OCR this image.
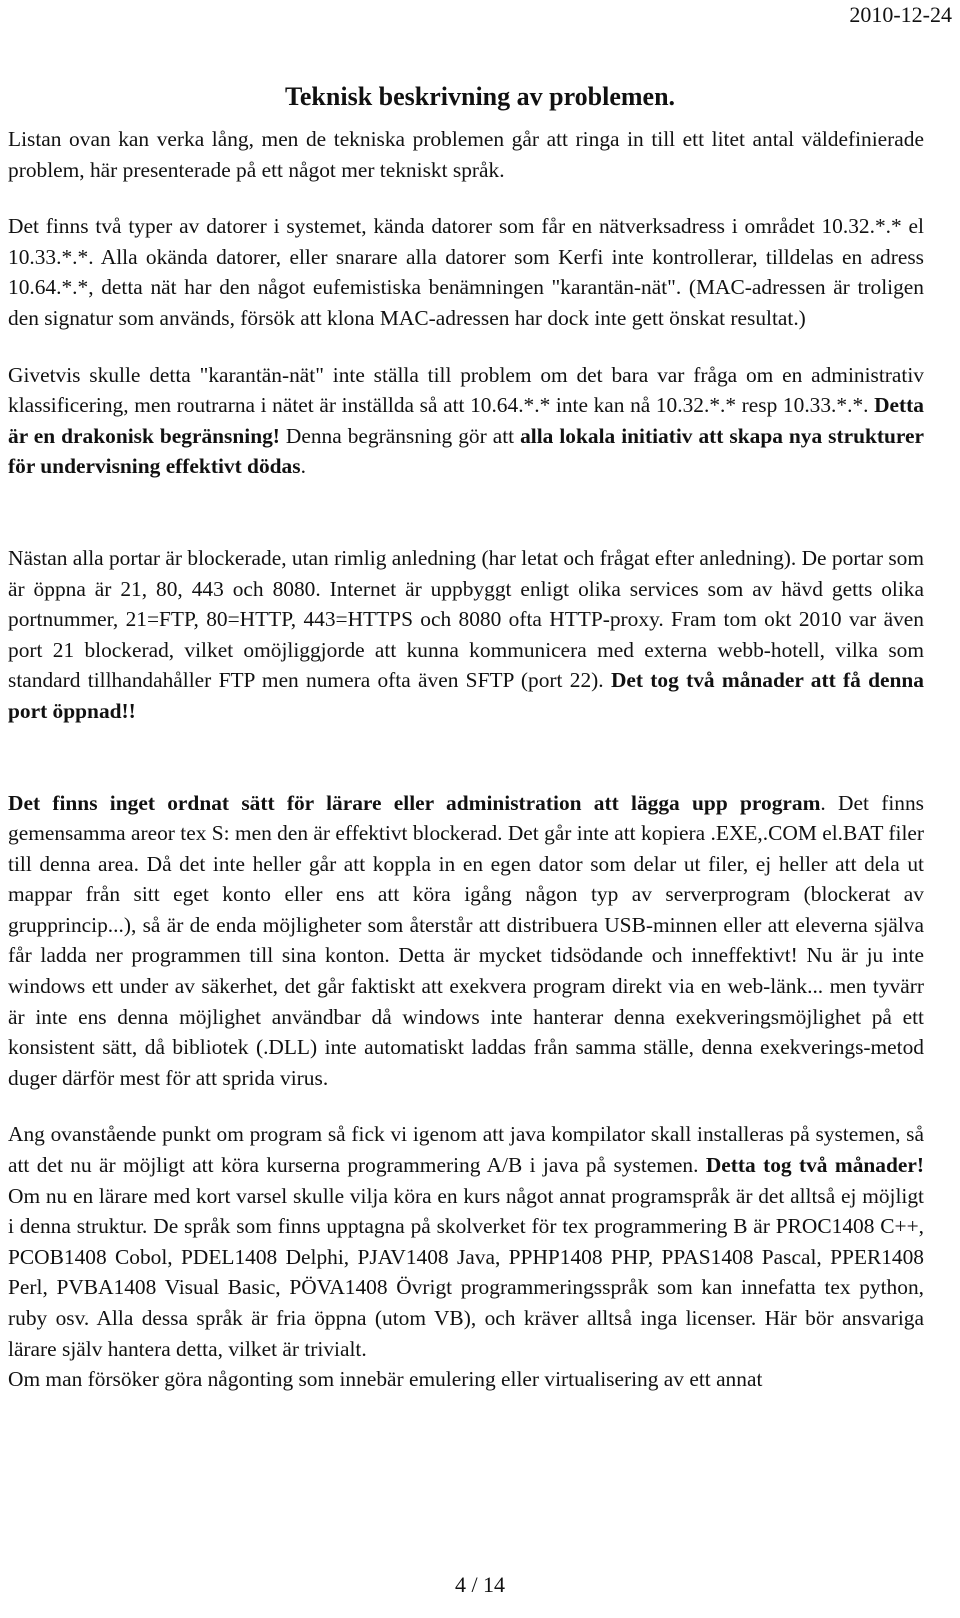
2010-12-24
Teknisk beskrivning av problemen.

Listan ovan kan verka lång, men de tekniska problemen går att ringa in till ett litet antal väldefinierade problem, här presenterade på ett något mer tekniskt språk.

Det finns två typer av datorer i systemet, kända datorer som får en nätverksadress i området 10.32.*.* el 10.33.*.*. Alla okända datorer, eller snarare alla datorer som Kerfi inte kontrollerar, tilldelas en adress 10.64.*.*, detta nät har den något eufemistiska benämningen "karantän-nät". (MAC-adressen är troligen den signatur som används, försök att klona MAC-adressen har dock inte gett önskat resultat.)

Givetvis skulle detta "karantän-nät" inte ställa till problem om det bara var fråga om en administrativ klassificering, men routrarna i nätet är inställda så att 10.64.*.* inte kan nå 10.32.*.* resp 10.33.*.*. Detta är en drakonisk begränsning! Denna begränsning gör att alla lokala initiativ att skapa nya strukturer för undervisning effektivt dödas.

Nästan alla portar är blockerade, utan rimlig anledning (har letat och frågat efter anledning). De portar som är öppna är 21, 80, 443 och 8080. Internet är uppbyggt enligt olika services som av hävd getts olika portnummer, 21=FTP, 80=HTTP, 443=HTTPS och 8080 ofta HTTP-proxy. Fram tom okt 2010 var även port 21 blockerad, vilket omöjliggjorde att kunna kommunicera med externa webb-hotell, vilka som standard tillhandahåller FTP men numera ofta även SFTP (port 22). Det tog två månader att få denna port öppnad!!

Det finns inget ordnat sätt för lärare eller administration att lägga upp program. Det finns gemensamma areor tex S: men den är effektivt blockerad. Det går inte att kopiera .EXE,.COM el.BAT filer till denna area. Då det inte heller går att koppla in en egen dator som delar ut filer, ej heller att dela ut mappar från sitt eget konto eller ens att köra igång någon typ av serverprogram (blockerat av grupprincip...), så är de enda möjligheter som återstår att distribuera USB-minnen eller att eleverna själva får ladda ner programmen till sina konton. Detta är mycket tidsödande och inneffektivt! Nu är ju inte windows ett under av säkerhet, det går faktiskt att exekvera program direkt via en web-länk... men tyvärr är inte ens denna möjlighet användbar då windows inte hanterar denna exekveringsmöjlighet på ett konsistent sätt, då bibliotek (.DLL) inte automatiskt laddas från samma ställe, denna exekverings-metod duger därför mest för att sprida virus.

Ang ovanstående punkt om program så fick vi igenom att java kompilator skall installeras på systemen, så att det nu är möjligt att köra kurserna programmering A/B i java på systemen. Detta tog två månader! Om nu en lärare med kort varsel skulle vilja köra en kurs något annat programspråk är det alltså ej möjligt i denna struktur. De språk som finns upptagna på skolverket för tex programmering B är PROC1408 C++, PCOB1408 Cobol, PDEL1408 Delphi, PJAV1408 Java, PPHP1408 PHP, PPAS1408 Pascal, PPER1408 Perl, PVBA1408 Visual Basic, PÖVA1408 Övrigt programmeringsspråk som kan innefatta tex python, ruby osv. Alla dessa språk är fria öppna (utom VB), och kräver alltså inga licenser. Här bör ansvariga lärare själv hantera detta, vilket är trivialt.

Om man försöker göra någonting som innebär emulering eller virtualisering av ett annat

4 / 14
